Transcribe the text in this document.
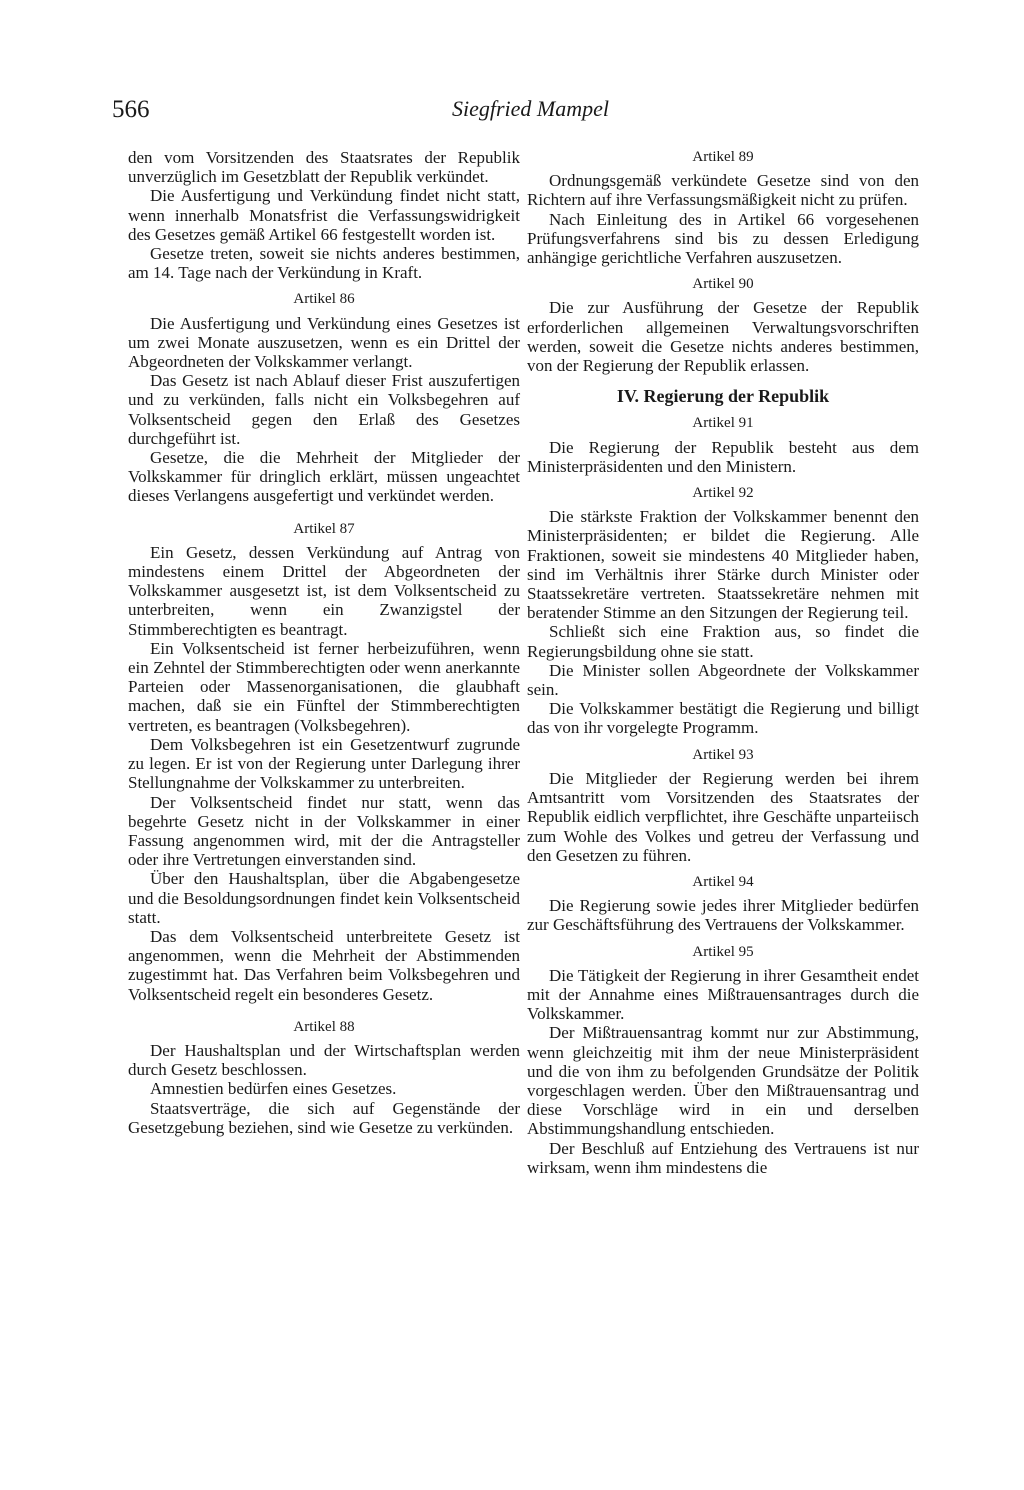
566	Siegfried Mampel

den vom Vorsitzenden des Staatsrates der Republik unverzüglich im Gesetzblatt der Republik verkündet.

Die Ausfertigung und Verkündung findet nicht statt, wenn innerhalb Monatsfrist die Verfassungswidrigkeit des Gesetzes gemäß Artikel 66 festgestellt worden ist.

Gesetze treten, soweit sie nichts anderes bestimmen, am 14. Tage nach der Verkündung in Kraft.

Artikel 86

Die Ausfertigung und Verkündung eines Gesetzes ist um zwei Monate auszusetzen, wenn es ein Drittel der Abgeordneten der Volkskammer verlangt.

Das Gesetz ist nach Ablauf dieser Frist auszufertigen und zu verkünden, falls nicht ein Volksbegehren auf Volksentscheid gegen den Erlaß des Gesetzes durchgeführt ist.

Gesetze, die die Mehrheit der Mitglieder der Volkskammer für dringlich erklärt, müssen ungeachtet dieses Verlangens ausgefertigt und verkündet werden.

Artikel 87

Ein Gesetz, dessen Verkündung auf Antrag von mindestens einem Drittel der Abgeordneten der Volkskammer ausgesetzt ist, ist dem Volksentscheid zu unterbreiten, wenn ein Zwanzigstel der Stimmberechtigten es beantragt.

Ein Volksentscheid ist ferner herbeizuführen, wenn ein Zehntel der Stimmberechtigten oder wenn anerkannte Parteien oder Massenorganisationen, die glaubhaft machen, daß sie ein Fünftel der Stimmberechtigten vertreten, es beantragen (Volksbegehren).

Dem Volksbegehren ist ein Gesetzentwurf zugrunde zu legen. Er ist von der Regierung unter Darlegung ihrer Stellungnahme der Volkskammer zu unterbreiten.

Der Volksentscheid findet nur statt, wenn das begehrte Gesetz nicht in der Volkskammer in einer Fassung angenommen wird, mit der die Antragsteller oder ihre Vertretungen einverstanden sind.

Über den Haushaltsplan, über die Abgabengesetze und die Besoldungsordnungen findet kein Volksentscheid statt.

Das dem Volksentscheid unterbreitete Gesetz ist angenommen, wenn die Mehrheit der Abstimmenden zugestimmt hat. Das Verfahren beim Volksbegehren und Volksentscheid regelt ein besonderes Gesetz.

Artikel 88

Der Haushaltsplan und der Wirtschaftsplan werden durch Gesetz beschlossen.

Amnestien bedürfen eines Gesetzes.

Staatsverträge, die sich auf Gegenstände der Gesetzgebung beziehen, sind wie Gesetze zu verkünden.

Artikel 89

Ordnungsgemäß verkündete Gesetze sind von den Richtern auf ihre Verfassungsmäßigkeit nicht zu prüfen.

Nach Einleitung des in Artikel 66 vorgesehenen Prüfungsverfahrens sind bis zu dessen Erledigung anhängige gerichtliche Verfahren auszusetzen.

Artikel 90

Die zur Ausführung der Gesetze der Republik erforderlichen allgemeinen Verwaltungsvorschriften werden, soweit die Gesetze nichts anderes bestimmen, von der Regierung der Republik erlassen.

IV. Regierung der Republik
Artikel 91

Die Regierung der Republik besteht aus dem Ministerpräsidenten und den Ministern.

Artikel 92

Die stärkste Fraktion der Volkskammer benennt den Ministerpräsidenten; er bildet die Regierung. Alle Fraktionen, soweit sie mindestens 40 Mitglieder haben, sind im Verhältnis ihrer Stärke durch Minister oder Staatssekretäre vertreten. Staatssekretäre nehmen mit beratender Stimme an den Sitzungen der Regierung teil.

Schließt sich eine Fraktion aus, so findet die Regierungsbildung ohne sie statt.

Die Minister sollen Abgeordnete der Volkskammer sein.

Die Volkskammer bestätigt die Regierung und billigt das von ihr vorgelegte Programm.

Artikel 93

Die Mitglieder der Regierung werden bei ihrem Amtsantritt vom Vorsitzenden des Staatsrates der Republik eidlich verpflichtet, ihre Geschäfte unparteiisch zum Wohle des Volkes und getreu der Verfassung und den Gesetzen zu führen.

Artikel 94

Die Regierung sowie jedes ihrer Mitglieder bedürfen zur Geschäftsführung des Vertrauens der Volkskammer.

Artikel 95

Die Tätigkeit der Regierung in ihrer Gesamtheit endet mit der Annahme eines Mißtrauensantrages durch die Volkskammer.

Der Mißtrauensantrag kommt nur zur Abstimmung, wenn gleichzeitig mit ihm der neue Ministerpräsident und die von ihm zu befolgenden Grundsätze der Politik vorgeschlagen werden. Über den Mißtrauensantrag und diese Vorschläge wird in ein und derselben Abstimmungshandlung entschieden.

Der Beschluß auf Entziehung des Vertrauens ist nur wirksam, wenn ihm mindestens die
